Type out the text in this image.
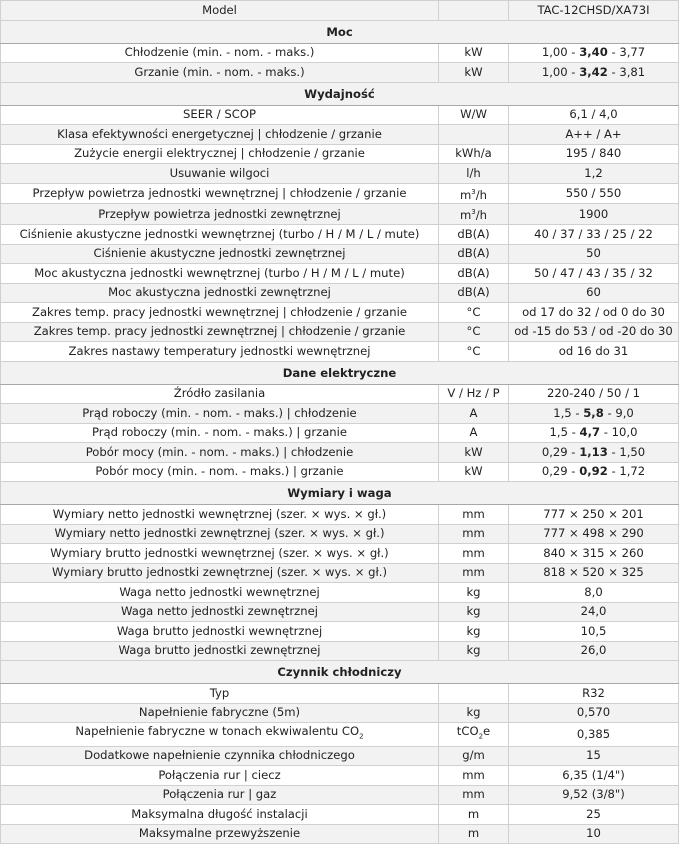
Model		TAC-12CHSD/XA73I
Moc		
Chłodzenie (min. - nom. - maks.)	kW	1,00 - 3,40 - 3,77
Grzanie (min. - nom. - maks.)	kW	1,00 - 3,42 - 3,81
Wydajność		
SEER / SCOP	W/W	6,1 / 4,0
Klasa efektywności energetycznej | chłodzenie / grzanie		A++ / A+
Zużycie energii elektrycznej | chłodzenie / grzanie	kWh/a	195 / 840
Usuwanie wilgoci	l/h	1,2
Przepływ powietrza jednostki wewnętrznej | chłodzenie / grzanie	$m^3/h$	550 / 550
Przepływ powietrza jednostki zewnętrznej	$m^3/h$	1900
Ciśnienie akustyczne jednostki wewnętrznej (turbo / H / M / L / mute)	dB(A)	40 / 37 / 33 / 25 / 22
Ciśnienie akustyczne jednostki zewnętrznej	dB(A)	50
Moc akustyczna jednostki wewnętrznej (turbo / H / M / L / mute)	dB(A)	50 / 47 / 43 / 35 / 32
Moc akustyczna jednostki zewnętrznej	dB(A)	60
Zakres temp. pracy jednostki wewnętrznej | chłodzenie / grzanie	°C	od 17 do 32 / od 0 do 30
Zakres temp. pracy jednostki zewnętrznej | chłodzenie / grzanie	°C	od -15 do 53 / od -20 do 30
Zakres nastawy temperatury jednostki wewnętrznej	°C	od 16 do 31
Dane elektryczne		
Źródło zasilania	V / Hz / P	220-240 / 50 / 1
Prąd roboczy (min. - nom. - maks.) | chłodzenie	A	1,5 - 5,8 - 9,0
Prąd roboczy (min. - nom. - maks.) | grzanie	A	1,5 - 4,7 - 10,0
Pobór mocy (min. - nom. - maks.) | chłodzenie	kW	0,29 - 1,13 - 1,50
Pobór mocy (min. - nom. - maks.) | grzanie	kW	0,29 - 0,92 - 1,72
Wymiary i waga		
Wymiary netto jednostki wewnętrznej (szer. × wys. × gł.)	mm	777 × 250 × 201
Wymiary netto jednostki zewnętrznej (szer. × wys. × gł.)	mm	777 × 498 × 290
Wymiary brutto jednostki wewnętrznej (szer. × wys. × gł.)	mm	840 × 315 × 260
Wymiary brutto jednostki zewnętrznej (szer. × wys. × gł.)	mm	818 × 520 × 325
Waga netto jednostki wewnętrznej	kg	8,0
Waga netto jednostki zewnętrznej	kg	24,0
Waga brutto jednostki wewnętrznej	kg	10,5
Waga brutto jednostki zewnętrznej	kg	26,0
Czynnik chłodniczy		
Typ		R32
Napełnienie fabryczne (5m)	kg	0,570
Napełnienie fabryczne w tonach ekwiwalentu $CO_2$	tCO$_2$e	0,385
Dodatkowe napełnienie czynnika chłodniczego	g/m	15
Połączenia rur | ciecz	mm	6,35 (1/4")
Połączenia rur | gaz	mm	9,52 (3/8")
Maksymalna długość instalacji	m	25
Maksymalne przewyższenie	m	10
